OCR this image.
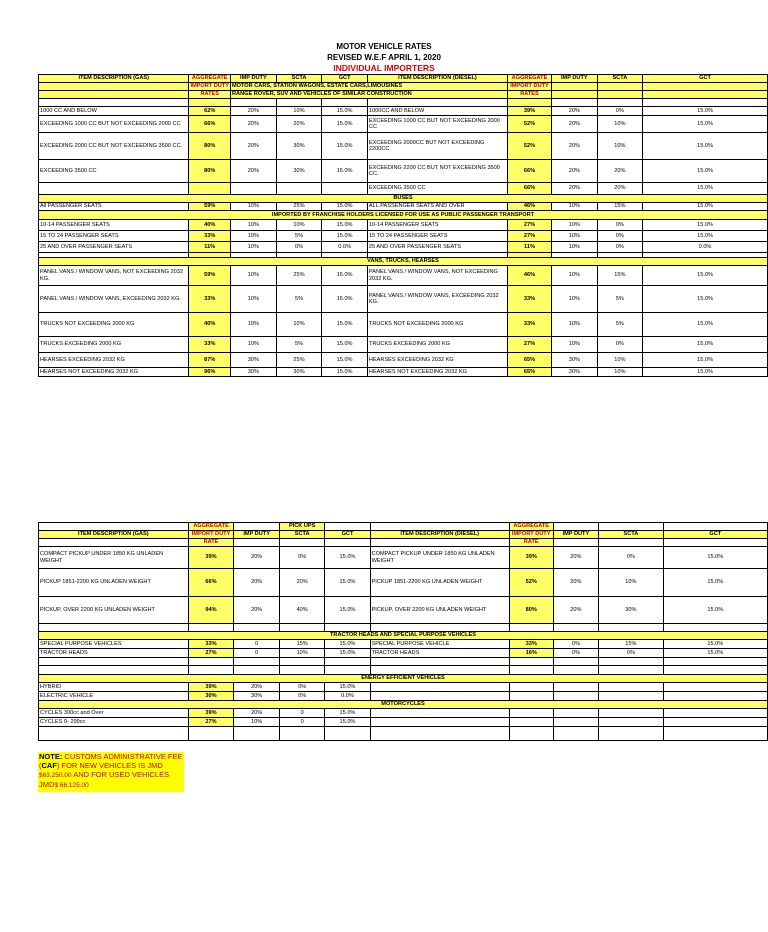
MOTOR VEHICLE RATES
REVISED W.E.F APRIL 1, 2020
INDIVIDUAL IMPORTERS
ITEM DESCRIPTION (GAS)	AGGREGATE	IMP DUTY	SCTA	GCT	ITEM DESCRIPTION (DIESEL)	AGGREGATE	IMP DUTY	SCTA	GCT
	IMPORT DUTY	MOTOR CARS, STATION WAGONS, ESTATE CARS,LIMOUSINES				IMPORT DUTY			
	RATES	RANGE ROVER, SUV AND VEHICLES OF SIMILAR CONSTRUCTION				RATES			

1000 CC AND BELOW	62%	20%	10%	15.0%	1000CC AND BELOW	39%	20%	0%	15.0%
EXCEEDING 1000 CC BUT NOT EXCEEDING 2000 CC	66%	20%	20%	15.0%	EXCEEDING 1000 CC BUT NOT EXCEEDING 2000 CC	52%	20%	10%	15.0%
EXCEEDING 2000 CC BUT NOT EXCEEDING 3500 CC.	80%	20%	30%	15.0%	EXCEEDING 2000CC BUT NOT EXCEEDING 2200CC	52%	20%	10%	15.0%
EXCEEDING 3500 CC	80%	20%	30%	15.0%	EXCEEDING 2200 CC BUT NOT EXCEEDING 3500 CC.	66%	20%	20%	15.0%
					EXCEEDING 3500 CC	66%	20%	20%	15.0%
BUSES									
All PASSENGER SEATS	59%	10%	25%	15.0%	ALL PASSENGER SEATS AND OVER	46%	10%	15%	15.0%
IMPORTED BY FRANCHISE HOLDERS LICENSED FOR USE AS PUBLIC PASSENGER TRANSPORT									
10-14 PASSENGER SEATS	40%	10%	10%	15.0%	10-14 PASSENGER SEATS	27%	10%	0%	15.0%
15 TO 24 PASSENGER SEATS	33%	10%	5%	15.0%	15 TO 24 PASSENGER SEATS	27%	10%	0%	15.0%
25 AND OVER PASSENGER SEATS	11%	10%	0%	0.0%	25 AND OVER PASSENGER SEATS	11%	10%	0%	0.0%

VANS, TRUCKS, HEARSES									
PANEL VANS / WINDOW VANS, NOT EXCEEDING 2032 KG.	59%	10%	25%	15.0%	PANEL VANS / WINDOW VANS, NOT EXCEEDING 2032 KG.	46%	10%	15%	15.0%
PANEL VANS / WINDOW VANS, EXCEEDING 2032 KG.	33%	10%	5%	15.0%	PANEL VANS / WINDOW VANS, EXCEEDING 2032 KG.	33%	10%	5%	15.0%
TRUCKS NOT EXCEEDING 2000 KG	40%	10%	10%	15.0%	TRUCKS NOT EXCEEDING 2000 KG	33%	10%	5%	15.0%
TRUCKS EXCEEDING 2000 KG	33%	10%	5%	15.0%	TRUCKS EXCEEDING 2000 KG	27%	10%	0%	15.0%
HEARSES EXCEEDING 2032 KG	87%	30%	25%	15.0%	HEARSES EXCEEDING 2032 KG	65%	30%	10%	15.0%
HEARSES NOT EXCEEDING 2032 KG	96%	30%	30%	15.0%	HEARSES NOT EXCEEDING 2032 KG	65%	30%	10%	15.0%
	AGGREGATE		PICK UPS			AGGREGATE			
ITEM DESCRIPTION (GAS)	IMPORT DUTY	IMP DUTY	SCTA	GCT	ITEM DESCRIPTION (DIESEL)	IMPORT DUTY	IMP DUTY	SCTA	GCT
	RATE					RATE			
COMPACT PICKUP UNDER 1850 KG UNLADEN WEIGHT	39%	20%	0%	15.0%	COMPACT PICKUP UNDER 1850 KG UNLADEN WEIGHT	39%	20%	0%	15.0%
PICKUP 1851-2200 KG UNLADEN WEIGHT	66%	20%	20%	15.0%	PICKUP 1851-2200 KG UNLADEN WEIGHT	52%	20%	10%	15.0%
PICKUP, OVER 2200 KG UNLADEN WEIGHT	94%	20%	40%	15.0%	PICKUP, OVER 2200 KG UNLADEN WEIGHT	80%	20%	30%	15.0%

TRACTOR HEADS AND SPECIAL PURPOSE VEHICLES									
SPECIAL PURPOSE VEHICLES	33%	0	15%	15.0%	SPECIAL PURPOSE VEHICLE	33%	0%	15%	15.0%
TRACTOR HEADS	27%	0	10%	15.0%	TRACTOR HEADS	16%	0%	0%	15.0%

ENERGY EFFICIENT VEHICLES									
HYBRID	39%	20%	0%	15.0%					
ELECTRIC VEHICLE	30%	30%	0%	0.0%					
MOTORCYCLES									
CYCLES 300cc and Over	39%	20%	0	15.0%					
CYCLES 0- 299cc	27%	10%	0	15.0%					

NOTE: CUSTOMS ADMINISTRATIVE FEE (CAF) FOR NEW VEHICLES IS JMD $63,250.00 AND FOR USED VEHICLES JMD$ 66,125.00
